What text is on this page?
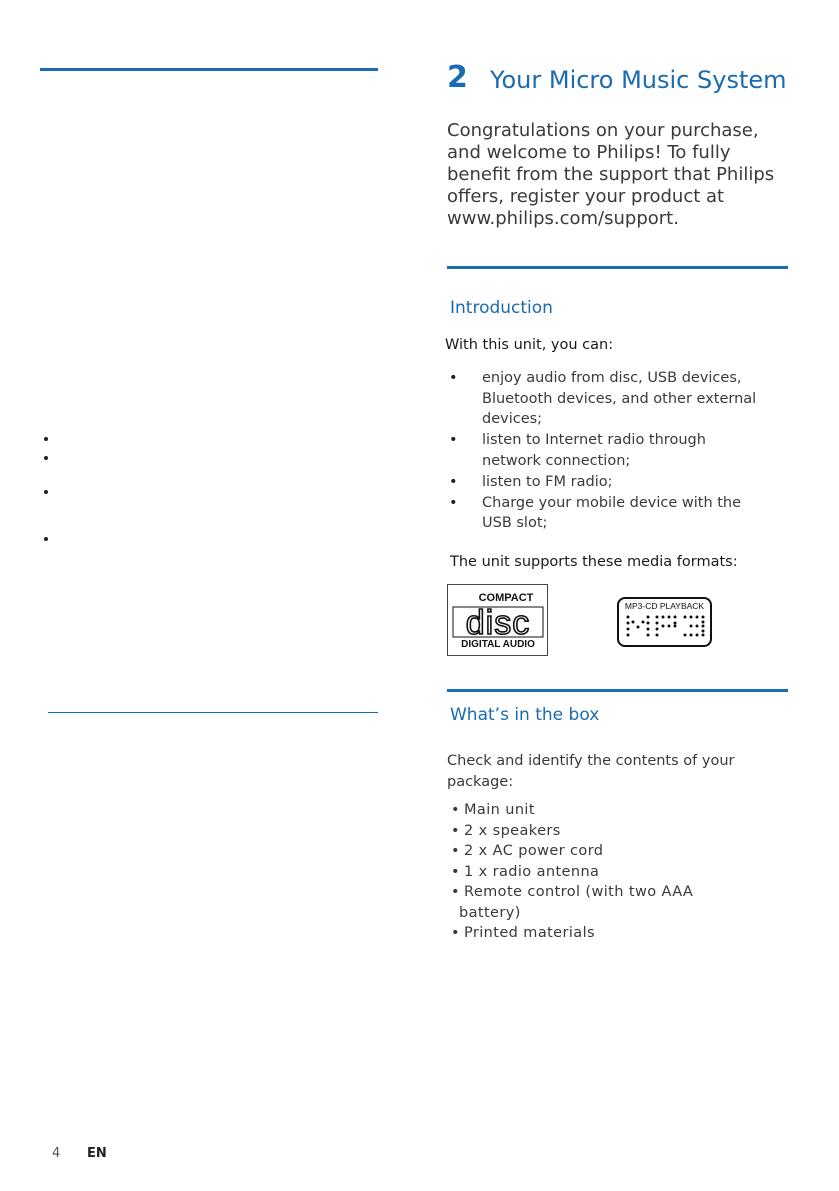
2 Your Micro Music System
Congratulations on your purchase, and welcome to Philips! To fully benefit from the support that Philips offers, register your product at www.philips.com/support.
Introduction
With this unit, you can:
• enjoy audio from disc, USB devices, Bluetooth devices, and other external devices;
• listen to Internet radio through network connection;
• listen to FM radio;
• Charge your mobile device with the USB slot;
The unit supports these media formats:
COMPACT
disc
DIGITAL AUDIO
MP3-CD PLAYBACK
What’s in the box
Check and identify the contents of your package:
• Main unit
• 2 x speakers
• 2 x AC power cord
• 1 x radio antenna
• Remote control (with two AAA battery)
• Printed materials
4 EN
